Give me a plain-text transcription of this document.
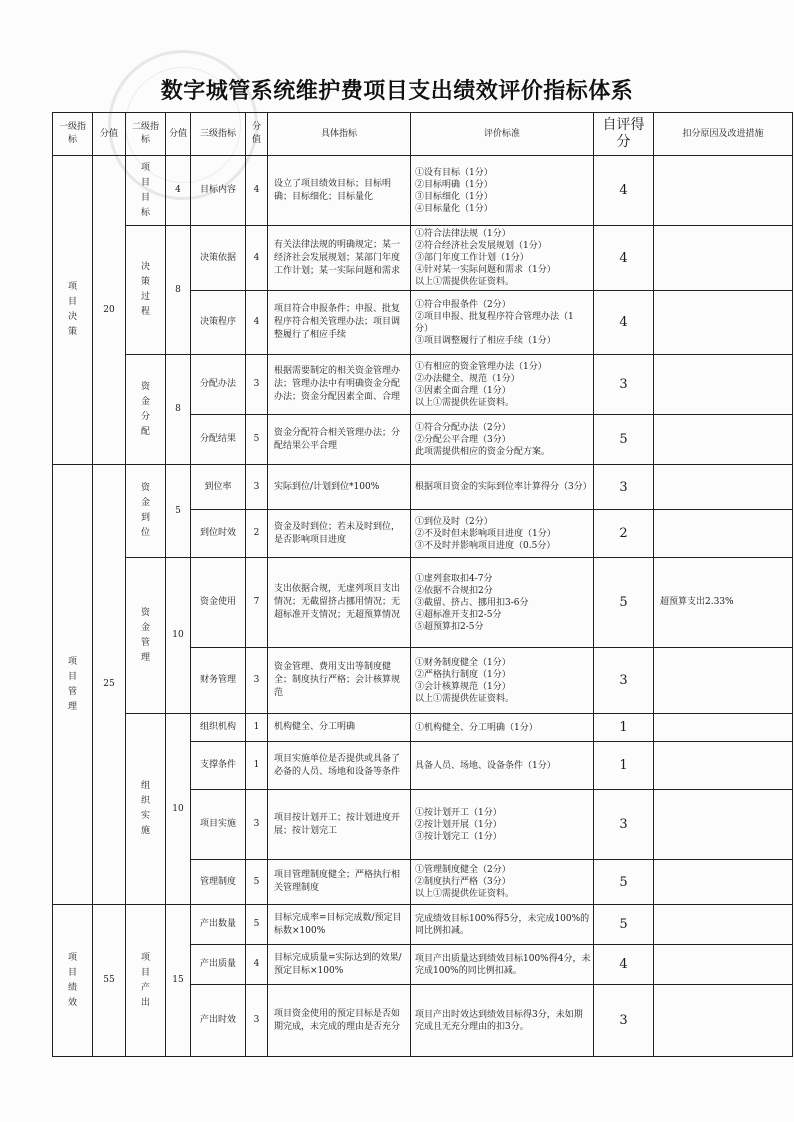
数字城管系统维护费项目支出绩效评价指标体系
一级指标	分值	二级指标	分值	三级指标	分值	具体指标	评价标准	自评得分	扣分原因及改进措施
项目决策	20	项目目标	4	目标内容	4	设立了项目绩效目标；目标明确；目标细化；目标量化	①设有目标（1分）
②目标明确（1分）
③目标细化（1分）
④目标量化（1分）	4	
		决策过程	8	决策依据	4	有关法律法规的明确规定；某一经济社会发展规划；某部门年度工作计划；某一实际问题和需求	①符合法律法规（1分）
②符合经济社会发展规划（1分）
③部门年度工作计划（1分）
④针对某一实际问题和需求（1分）
以上①需提供佐证资料。	4	
				决策程序	4	项目符合申报条件；申报、批复程序符合相关管理办法；项目调整履行了相应手续	①符合申报条件（2分）
②项目申报、批复程序符合管理办法（1分）
③项目调整履行了相应手续（1分）	4	
		资金分配	8	分配办法	3	根据需要制定的相关资金管理办法；管理办法中有明确资金分配办法；资金分配因素全面、合理	①有相应的资金管理办法（1分）
②办法健全、规范（1分）
③因素全面合理（1分）
以上①需提供佐证资料。	3	
				分配结果	5	资金分配符合相关管理办法；分配结果公平合理	①符合分配办法（2分）
②分配公平合理（3分）
此项需提供相应的资金分配方案。	5	
项目管理	25	资金到位	5	到位率	3	实际到位/计划到位*100%	根据项目资金的实际到位率计算得分（3分）	3	
				到位时效	2	资金及时到位；若未及时到位，是否影响项目进度	①到位及时（2分）
②不及时但未影响项目进度（1分）
③不及时并影响项目进度（0.5分）	2	
		资金管理	10	资金使用	7	支出依据合规，无虚列项目支出情况；无截留挤占挪用情况；无超标准开支情况；无超预算情况	①虚列套取扣4-7分
②依据不合规扣2分
③截留、挤占、挪用扣3-6分
④超标准开支扣2-5分
⑤超预算扣2-5分	5	超预算支出2.33%
				财务管理	3	资金管理、费用支出等制度健全；制度执行严格；会计核算规范	①财务制度健全（1分）
②严格执行制度（1分）
③会计核算规范（1分）
以上①需提供佐证资料。	3	
		组织实施	10	组织机构	1	机构健全、分工明确	①机构健全、分工明确（1分）	1	
				支撑条件	1	项目实施单位是否提供或具备了必备的人员、场地和设备等条件	具备人员、场地、设备条件（1分）	1	
				项目实施	3	项目按计划开工；按计划进度开展；按计划完工	①按计划开工（1分）
②按计划开展（1分）
③按计划完工（1分）	3	
				管理制度	5	项目管理制度健全；严格执行相关管理制度	①管理制度健全（2分）
②制度执行严格（3分）
以上①需提供佐证资料。	5	
项目绩效	55	项目产出	15	产出数量	5	目标完成率=目标完成数/预定目标数×100%	完成绩效目标100%得5分，未完成100%的同比例扣减。	5	
				产出质量	4	目标完成质量=实际达到的效果/预定目标×100%	项目产出质量达到绩效目标100%得4分，未完成100%的同比例扣减。	4	
				产出时效	3	项目资金使用的预定目标是否如期完成，未完成的理由是否充分	项目产出时效达到绩效目标得3分，未如期完成且无充分理由的扣3分。	3	
